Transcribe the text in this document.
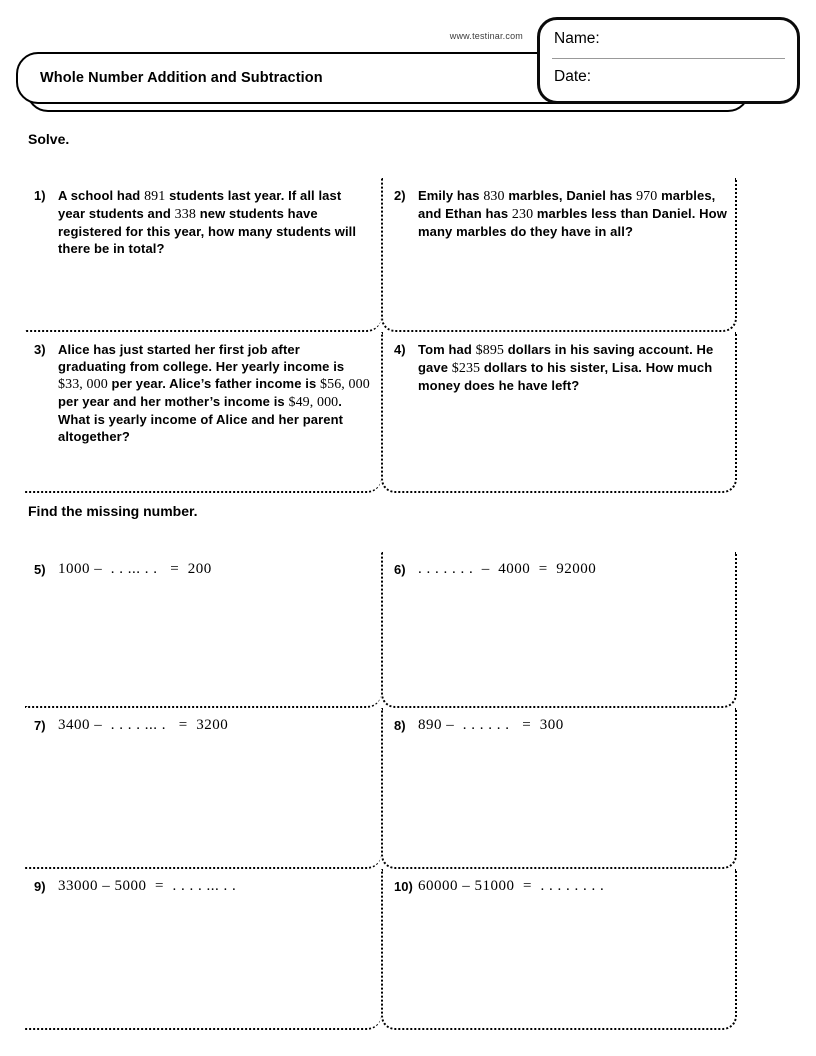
www.testinar.com
Whole Number Addition and Subtraction
Name:
Date:
Solve.
1) A school had 891 students last year. If all last year students and 338 new students have registered for this year, how many students will there be in total?
2) Emily has 830 marbles, Daniel has 970 marbles, and Ethan has 230 marbles less than Daniel. How many marbles do they have in all?
3) Alice has just started her first job after graduating from college. Her yearly income is $33, 000 per year. Alice’s father income is $56, 000 per year and her mother’s income is $49, 000. What is yearly income of Alice and her parent altogether?
4) Tom had $895 dollars in his saving account. He gave $235 dollars to his sister, Lisa. How much money does he have left?
Find the missing number.
5) 1000 –  . . ... . .   =  200	6) . . . . . . .  –  4000  =  92000
7) 3400 –  . . . . ... .   =  3200	8) 890 –  . . . . . .   =  300
9) 33000 – 5000  =  . . . . ... . .	10) 60000 – 51000  =  . . . . . . . .
